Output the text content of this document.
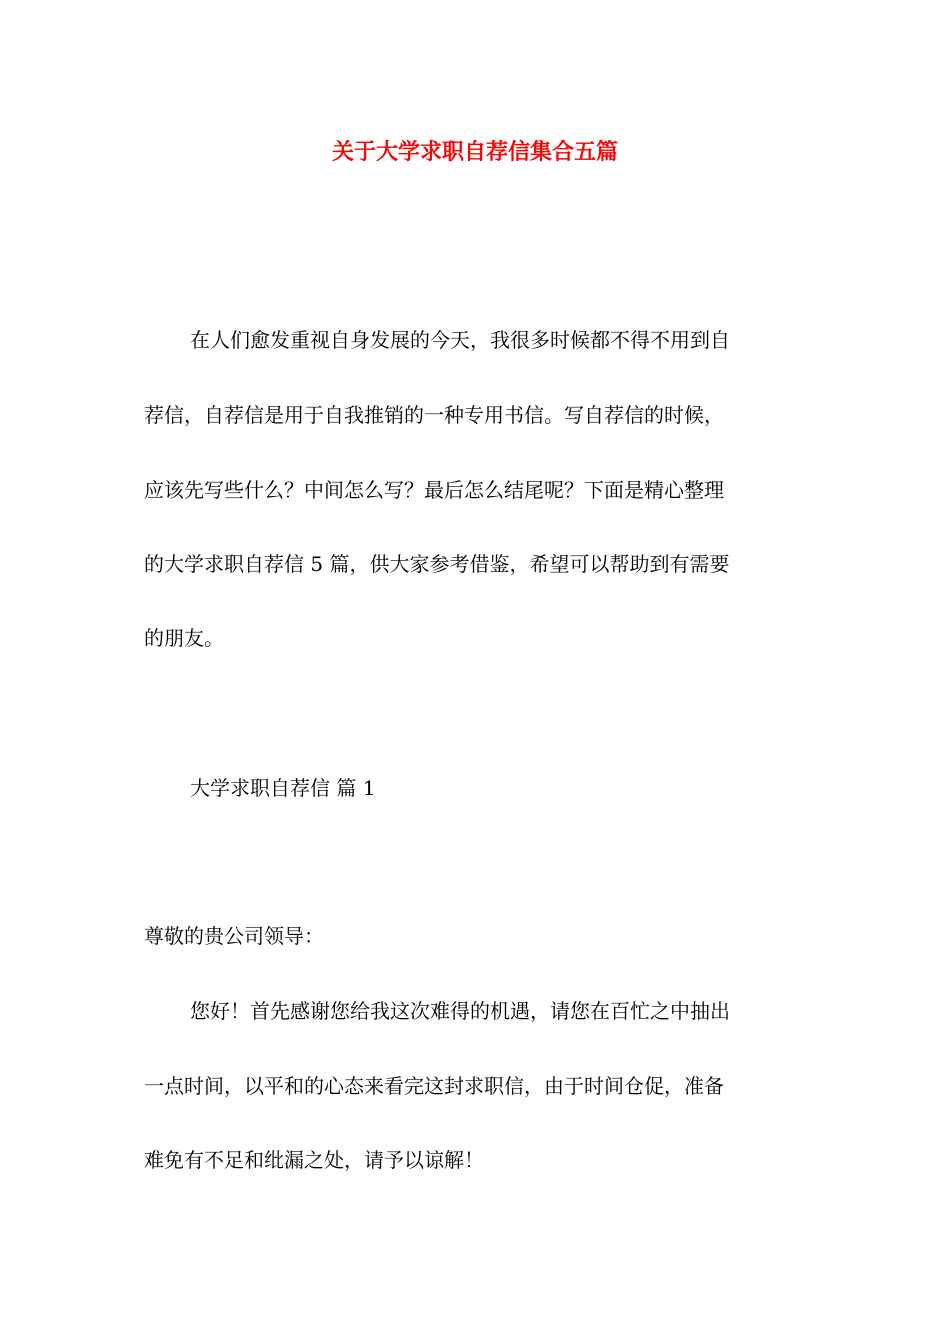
关于大学求职自荐信集合五篇
在人们愈发重视自身发展的今天，我很多时候都不得不用到自
荐信，自荐信是用于自我推销的一种专用书信。写自荐信的时候，
应该先写些什么？中间怎么写？最后怎么结尾呢？下面是精心整理
的大学求职自荐信 5 篇，供大家参考借鉴，希望可以帮助到有需要
的朋友。
大学求职自荐信 篇 1
尊敬的贵公司领导：
您好！首先感谢您给我这次难得的机遇，请您在百忙之中抽出
一点时间，以平和的心态来看完这封求职信，由于时间仓促，准备
难免有不足和纰漏之处，请予以谅解！
